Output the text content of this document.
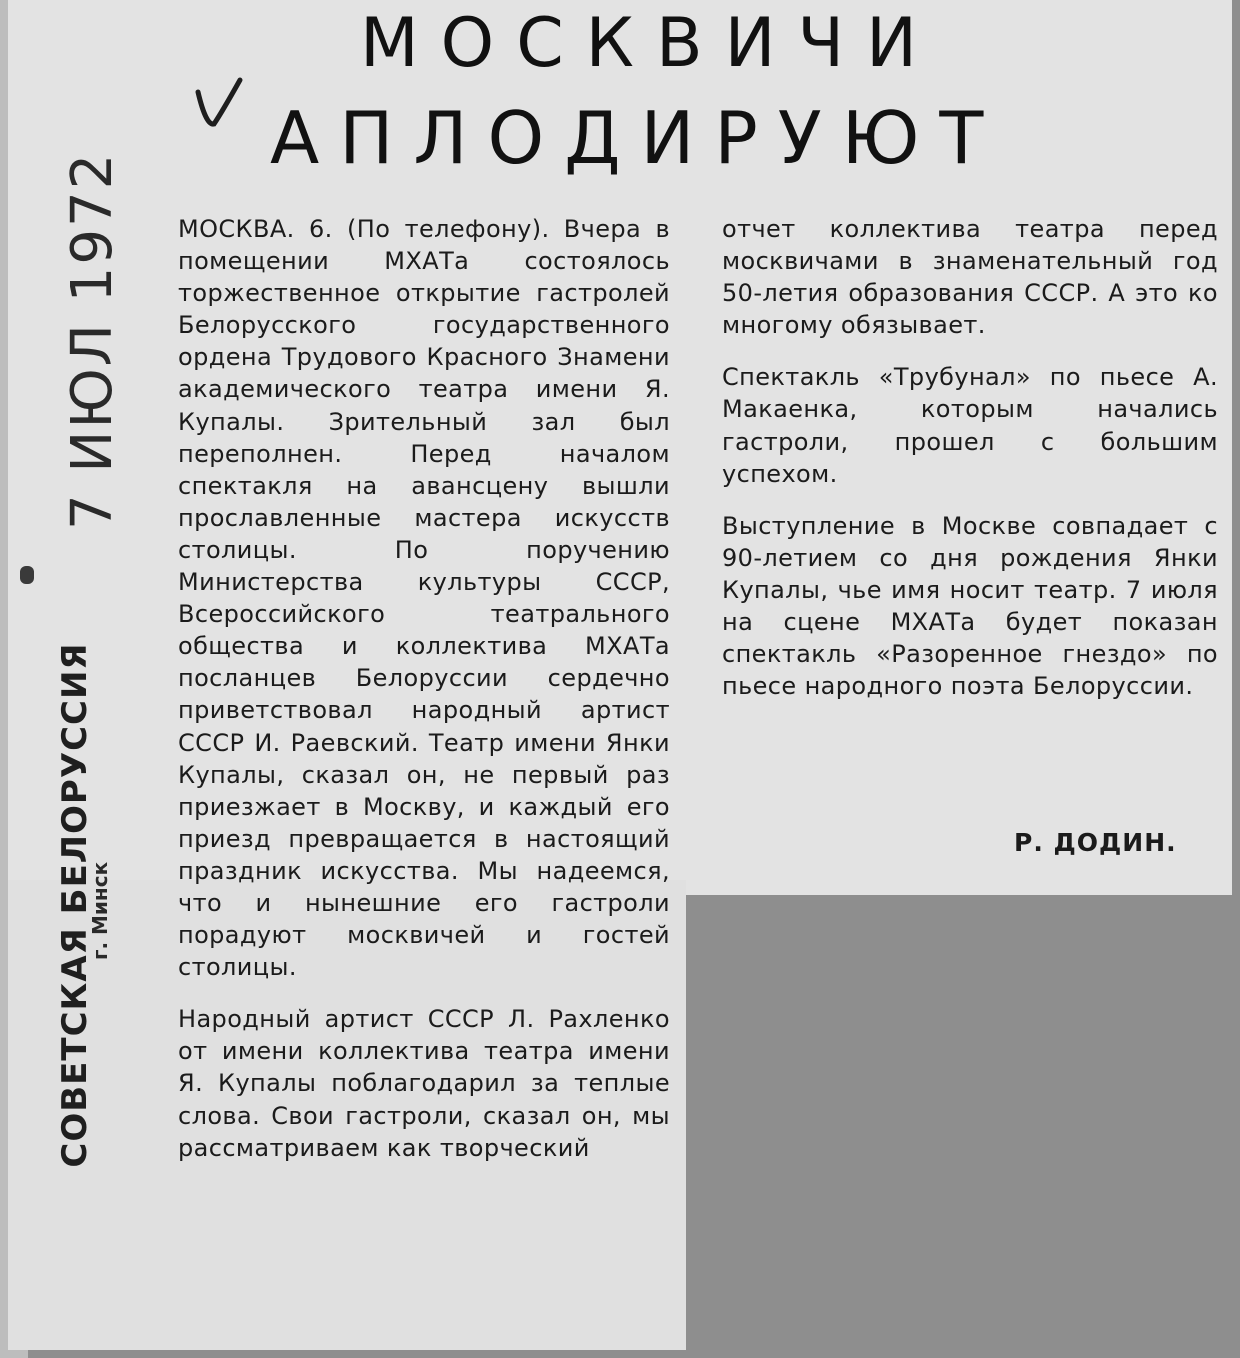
МОСКВИЧИ
АПЛОДИРУЮТ
7 ИЮЛ 1972
СОВЕТСКАЯ БЕЛОРУССИЯ
г. Минск

МОСКВА. 6. (По телефону). Вчера в помещении МХАТа состоялось торжественное открытие гастролей Белорусского государственного ордена Трудового Красного Знамени академического театра имени Я. Купалы. Зрительный зал был переполнен. Перед началом спектакля на авансцену вышли прославленные мастера искусств столицы. По поручению Министерства культуры СССР, Всероссийского театрального общества и коллектива МХАТа посланцев Белоруссии сердечно приветствовал народный артист СССР И. Раевский. Театр имени Янки Купалы, сказал он, не первый раз приезжает в Москву, и каждый его приезд превращается в настоящий праздник искусства. Мы надеемся, что и нынешние его гастроли порадуют москвичей и гостей столицы.

Народный артист СССР Л. Рахленко от имени коллектива театра имени Я. Купалы поблагодарил за теплые слова. Свои гастроли, сказал он, мы рассматриваем как творческий

отчет коллектива театра перед москвичами в знаменательный год 50-летия образования СССР. А это ко многому обязывает.

Спектакль «Трубунал» по пьесе А. Макаенка, которым начались гастроли, прошел с большим успехом.

Выступление в Москве совпадает с 90-летием со дня рождения Янки Купалы, чье имя носит театр. 7 июля на сцене МХАТа будет показан спектакль «Разоренное гнездо» по пьесе народного поэта Белоруссии.

Р. ДОДИН.
